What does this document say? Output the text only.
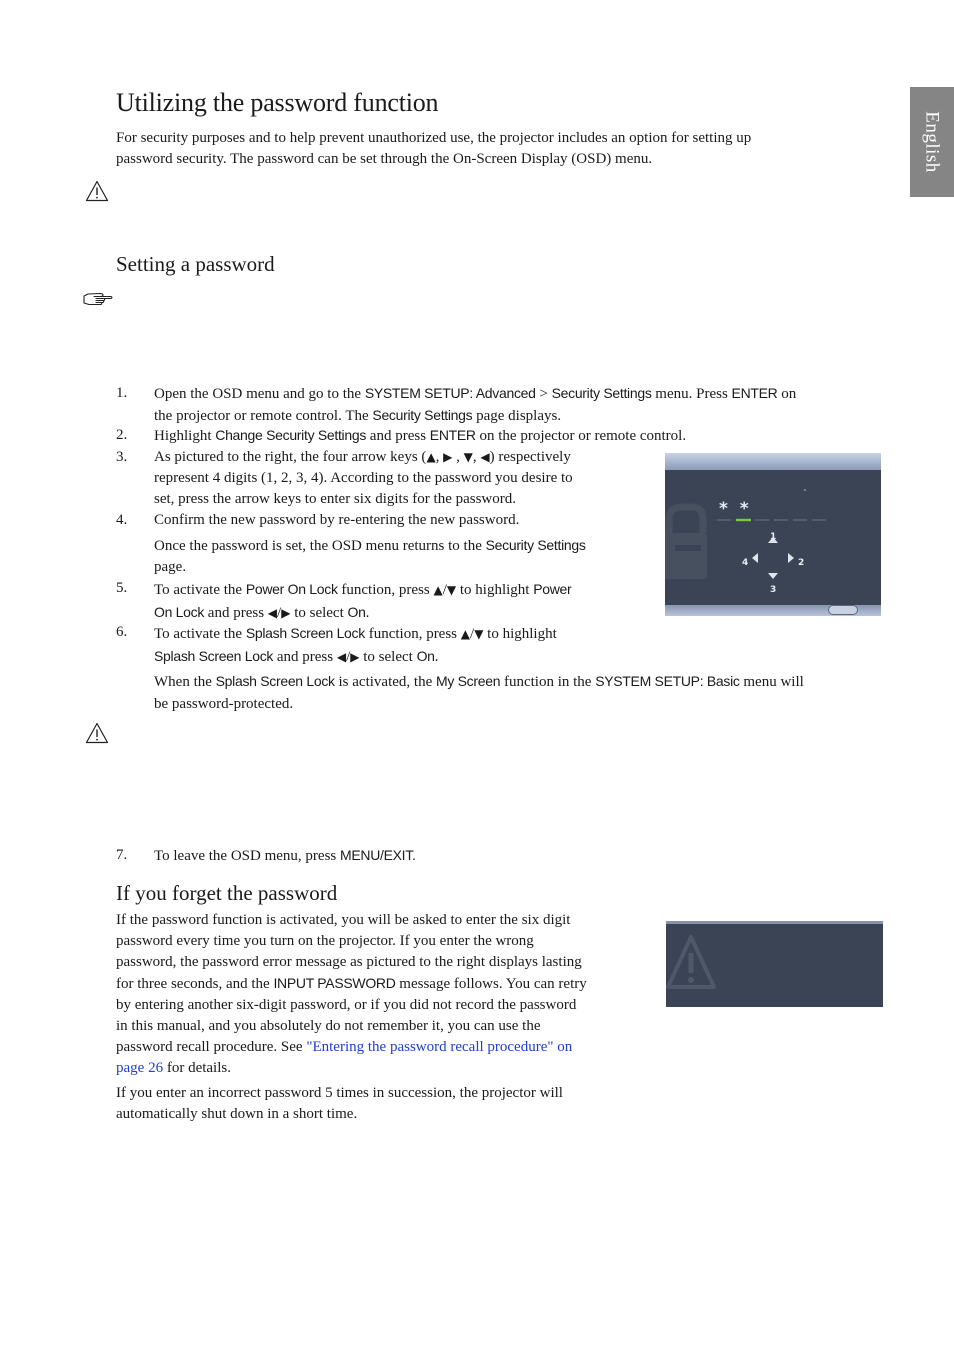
English
Utilizing the password function
For security purposes and to help prevent unauthorized use, the projector includes an option for setting up
password security. The password can be set through the On-Screen Display (OSD) menu.
Setting a password
1.	Open the OSD menu and go to the SYSTEM SETUP: Advanced > Security Settings menu. Press ENTER on
the projector or remote control. The Security Settings page displays.
2.	Highlight Change Security Settings and press ENTER on the projector or remote control.
3.	As pictured to the right, the four arrow keys (▲, ▶ , ▼, ◀) respectively
represent 4 digits (1, 2, 3, 4). According to the password you desire to
set, press the arrow keys to enter six digits for the password.
4.	Confirm the new password by re-entering the new password.
Once the password is set, the OSD menu returns to the Security Settings
page.
5.	To activate the Power On Lock function, press ▲/▼ to highlight Power
On Lock and press ◀/▶ to select On.
6.	To activate the Splash Screen Lock function, press ▲/▼ to highlight
Splash Screen Lock and press ◀/▶ to select On.
When the Splash Screen Lock is activated, the My Screen function in the SYSTEM SETUP: Basic menu will
be password-protected.
* *
1
2
3
4
7.	To leave the OSD menu, press MENU/EXIT.
If you forget the password
If the password function is activated, you will be asked to enter the six digit
password every time you turn on the projector. If you enter the wrong
password, the password error message as pictured to the right displays lasting
for three seconds, and the INPUT PASSWORD message follows. You can retry
by entering another six-digit password, or if you did not record the password
in this manual, and you absolutely do not remember it, you can use the
password recall procedure. See "Entering the password recall procedure" on
page 26 for details.
If you enter an incorrect password 5 times in succession, the projector will
automatically shut down in a short time.
